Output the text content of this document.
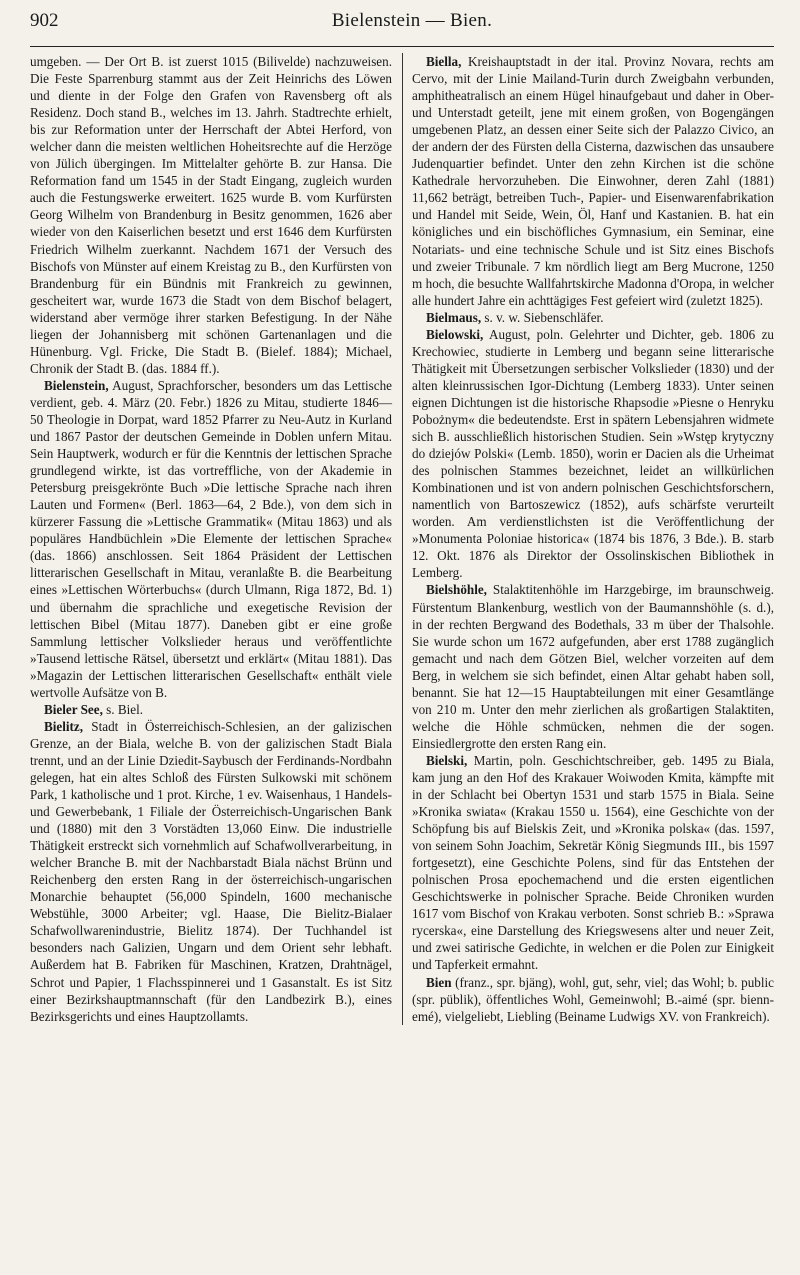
902	Bielenstein — Bien.

umgeben. — Der Ort B. ist zuerst 1015 (Bilivelde) nachzuweisen. Die Feste Sparrenburg stammt aus der Zeit Heinrichs des Löwen und diente in der Folge den Grafen von Ravensberg oft als Residenz. Doch stand B., welches im 13. Jahrh. Stadtrechte erhielt, bis zur Reformation unter der Herrschaft der Abtei Herford, von welcher dann die meisten weltlichen Hoheitsrechte auf die Herzöge von Jülich übergingen. Im Mittelalter gehörte B. zur Hansa. Die Reformation fand um 1545 in der Stadt Eingang, zugleich wurden auch die Festungswerke erweitert. 1625 wurde B. vom Kurfürsten Georg Wilhelm von Brandenburg in Besitz genommen, 1626 aber wieder von den Kaiserlichen besetzt und erst 1646 dem Kurfürsten Friedrich Wilhelm zuerkannt. Nachdem 1671 der Versuch des Bischofs von Münster auf einem Kreistag zu B., den Kurfürsten von Brandenburg für ein Bündnis mit Frankreich zu gewinnen, gescheitert war, wurde 1673 die Stadt von dem Bischof belagert, widerstand aber vermöge ihrer starken Befestigung. In der Nähe liegen der Johannisberg mit schönen Gartenanlagen und die Hünenburg. Vgl. Fricke, Die Stadt B. (Bielef. 1884); Michael, Chronik der Stadt B. (das. 1884 ff.).

Bielenstein, August, Sprachforscher, besonders um das Lettische verdient, geb. 4. März (20. Febr.) 1826 zu Mitau, studierte 1846—50 Theologie in Dorpat, ward 1852 Pfarrer zu Neu-Autz in Kurland und 1867 Pastor der deutschen Gemeinde in Doblen unfern Mitau. Sein Hauptwerk, wodurch er für die Kenntnis der lettischen Sprache grundlegend wirkte, ist das vortreffliche, von der Akademie in Petersburg preisgekrönte Buch »Die lettische Sprache nach ihren Lauten und Formen« (Berl. 1863—64, 2 Bde.), von dem sich in kürzerer Fassung die »Lettische Grammatik« (Mitau 1863) und als populäres Handbüchlein »Die Elemente der lettischen Sprache« (das. 1866) anschlossen. Seit 1864 Präsident der Lettischen litterarischen Gesellschaft in Mitau, veranlaßte B. die Bearbeitung eines »Lettischen Wörterbuchs« (durch Ulmann, Riga 1872, Bd. 1) und übernahm die sprachliche und exegetische Revision der lettischen Bibel (Mitau 1877). Daneben gibt er eine große Sammlung lettischer Volkslieder heraus und veröffentlichte »Tausend lettische Rätsel, übersetzt und erklärt« (Mitau 1881). Das »Magazin der Lettischen litterarischen Gesellschaft« enthält viele wertvolle Aufsätze von B.

Bieler See, s. Biel.

Bielitz, Stadt in Österreichisch-Schlesien, an der galizischen Grenze, an der Biala, welche B. von der galizischen Stadt Biala trennt, und an der Linie Dziedit-Saybusch der Ferdinands-Nordbahn gelegen, hat ein altes Schloß des Fürsten Sulkowski mit schönem Park, 1 katholische und 1 prot. Kirche, 1 ev. Waisenhaus, 1 Handels- und Gewerbebank, 1 Filiale der Österreichisch-Ungarischen Bank und (1880) mit den 3 Vorstädten 13,060 Einw. Die industrielle Thätigkeit erstreckt sich vornehmlich auf Schafwollverarbeitung, in welcher Branche B. mit der Nachbarstadt Biala nächst Brünn und Reichenberg den ersten Rang in der österreichisch-ungarischen Monarchie behauptet (56,000 Spindeln, 1600 mechanische Webstühle, 3000 Arbeiter; vgl. Haase, Die Bielitz-Bialaer Schafwollwarenindustrie, Bielitz 1874). Der Tuchhandel ist besonders nach Galizien, Ungarn und dem Orient sehr lebhaft. Außerdem hat B. Fabriken für Maschinen, Kratzen, Drahtnägel, Schrot und Papier, 1 Flachsspinnerei und 1 Gasanstalt. Es ist Sitz einer Bezirkshauptmannschaft (für den Landbezirk B.), eines Bezirksgerichts und eines Hauptzollamts.

Biella, Kreishauptstadt in der ital. Provinz Novara, rechts am Cervo, mit der Linie Mailand-Turin durch Zweigbahn verbunden, amphitheatralisch an einem Hügel hinaufgebaut und daher in Ober- und Unterstadt geteilt, jene mit einem großen, von Bogengängen umgebenen Platz, an dessen einer Seite sich der Palazzo Civico, an der andern der des Fürsten della Cisterna, dazwischen das unsaubere Judenquartier befindet. Unter den zehn Kirchen ist die schöne Kathedrale hervorzuheben. Die Einwohner, deren Zahl (1881) 11,662 beträgt, betreiben Tuch-, Papier- und Eisenwarenfabrikation und Handel mit Seide, Wein, Öl, Hanf und Kastanien. B. hat ein königliches und ein bischöfliches Gymnasium, ein Seminar, eine Notariats- und eine technische Schule und ist Sitz eines Bischofs und zweier Tribunale. 7 km nördlich liegt am Berg Mucrone, 1250 m hoch, die besuchte Wallfahrtskirche Madonna d'Oropa, in welcher alle hundert Jahre ein achttägiges Fest gefeiert wird (zuletzt 1825).

Bielmaus, s. v. w. Siebenschläfer.

Bielowski, August, poln. Gelehrter und Dichter, geb. 1806 zu Krechowiec, studierte in Lemberg und begann seine litterarische Thätigkeit mit Übersetzungen serbischer Volkslieder (1830) und der alten kleinrussischen Igor-Dichtung (Lemberg 1833). Unter seinen eignen Dichtungen ist die historische Rhapsodie »Piesne o Henryku Pobożnym« die bedeutendste. Erst in spätern Lebensjahren widmete sich B. ausschließlich historischen Studien. Sein »Wstęp krytyczny do dziejów Polski« (Lemb. 1850), worin er Dacien als die Urheimat des polnischen Stammes bezeichnet, leidet an willkürlichen Kombinationen und ist von andern polnischen Geschichtsforschern, namentlich von Bartoszewicz (1852), aufs schärfste verurteilt worden. Am verdienstlichsten ist die Veröffentlichung der »Monumenta Poloniae historica« (1874 bis 1876, 3 Bde.). B. starb 12. Okt. 1876 als Direktor der Ossolinskischen Bibliothek in Lemberg.

Bielshöhle, Stalaktitenhöhle im Harzgebirge, im braunschweig. Fürstentum Blankenburg, westlich von der Baumannshöhle (s. d.), in der rechten Bergwand des Bodethals, 33 m über der Thalsohle. Sie wurde schon um 1672 aufgefunden, aber erst 1788 zugänglich gemacht und nach dem Götzen Biel, welcher vorzeiten auf dem Berg, in welchem sie sich befindet, einen Altar gehabt haben soll, benannt. Sie hat 12—15 Hauptabteilungen mit einer Gesamtlänge von 210 m. Unter den mehr zierlichen als großartigen Stalaktiten, welche die Höhle schmücken, nehmen die der sogen. Einsiedlergrotte den ersten Rang ein.

Bielski, Martin, poln. Geschichtschreiber, geb. 1495 zu Biala, kam jung an den Hof des Krakauer Woiwoden Kmita, kämpfte mit in der Schlacht bei Obertyn 1531 und starb 1575 in Biala. Seine »Kronika swiata« (Krakau 1550 u. 1564), eine Geschichte von der Schöpfung bis auf Bielskis Zeit, und »Kronika polska« (das. 1597, von seinem Sohn Joachim, Sekretär König Siegmunds III., bis 1597 fortgesetzt), eine Geschichte Polens, sind für das Entstehen der polnischen Prosa epochemachend und die ersten eigentlichen Geschichtswerke in polnischer Sprache. Beide Chroniken wurden 1617 vom Bischof von Krakau verboten. Sonst schrieb B.: »Sprawa rycerska«, eine Darstellung des Kriegswesens alter und neuer Zeit, und zwei satirische Gedichte, in welchen er die Polen zur Einigkeit und Tapferkeit ermahnt.

Bien (franz., spr. bjäng), wohl, gut, sehr, viel; das Wohl; b. public (spr. püblik), öffentliches Wohl, Gemeinwohl; B.-aimé (spr. bienn-emé), vielgeliebt, Liebling (Beiname Ludwigs XV. von Frankreich).
